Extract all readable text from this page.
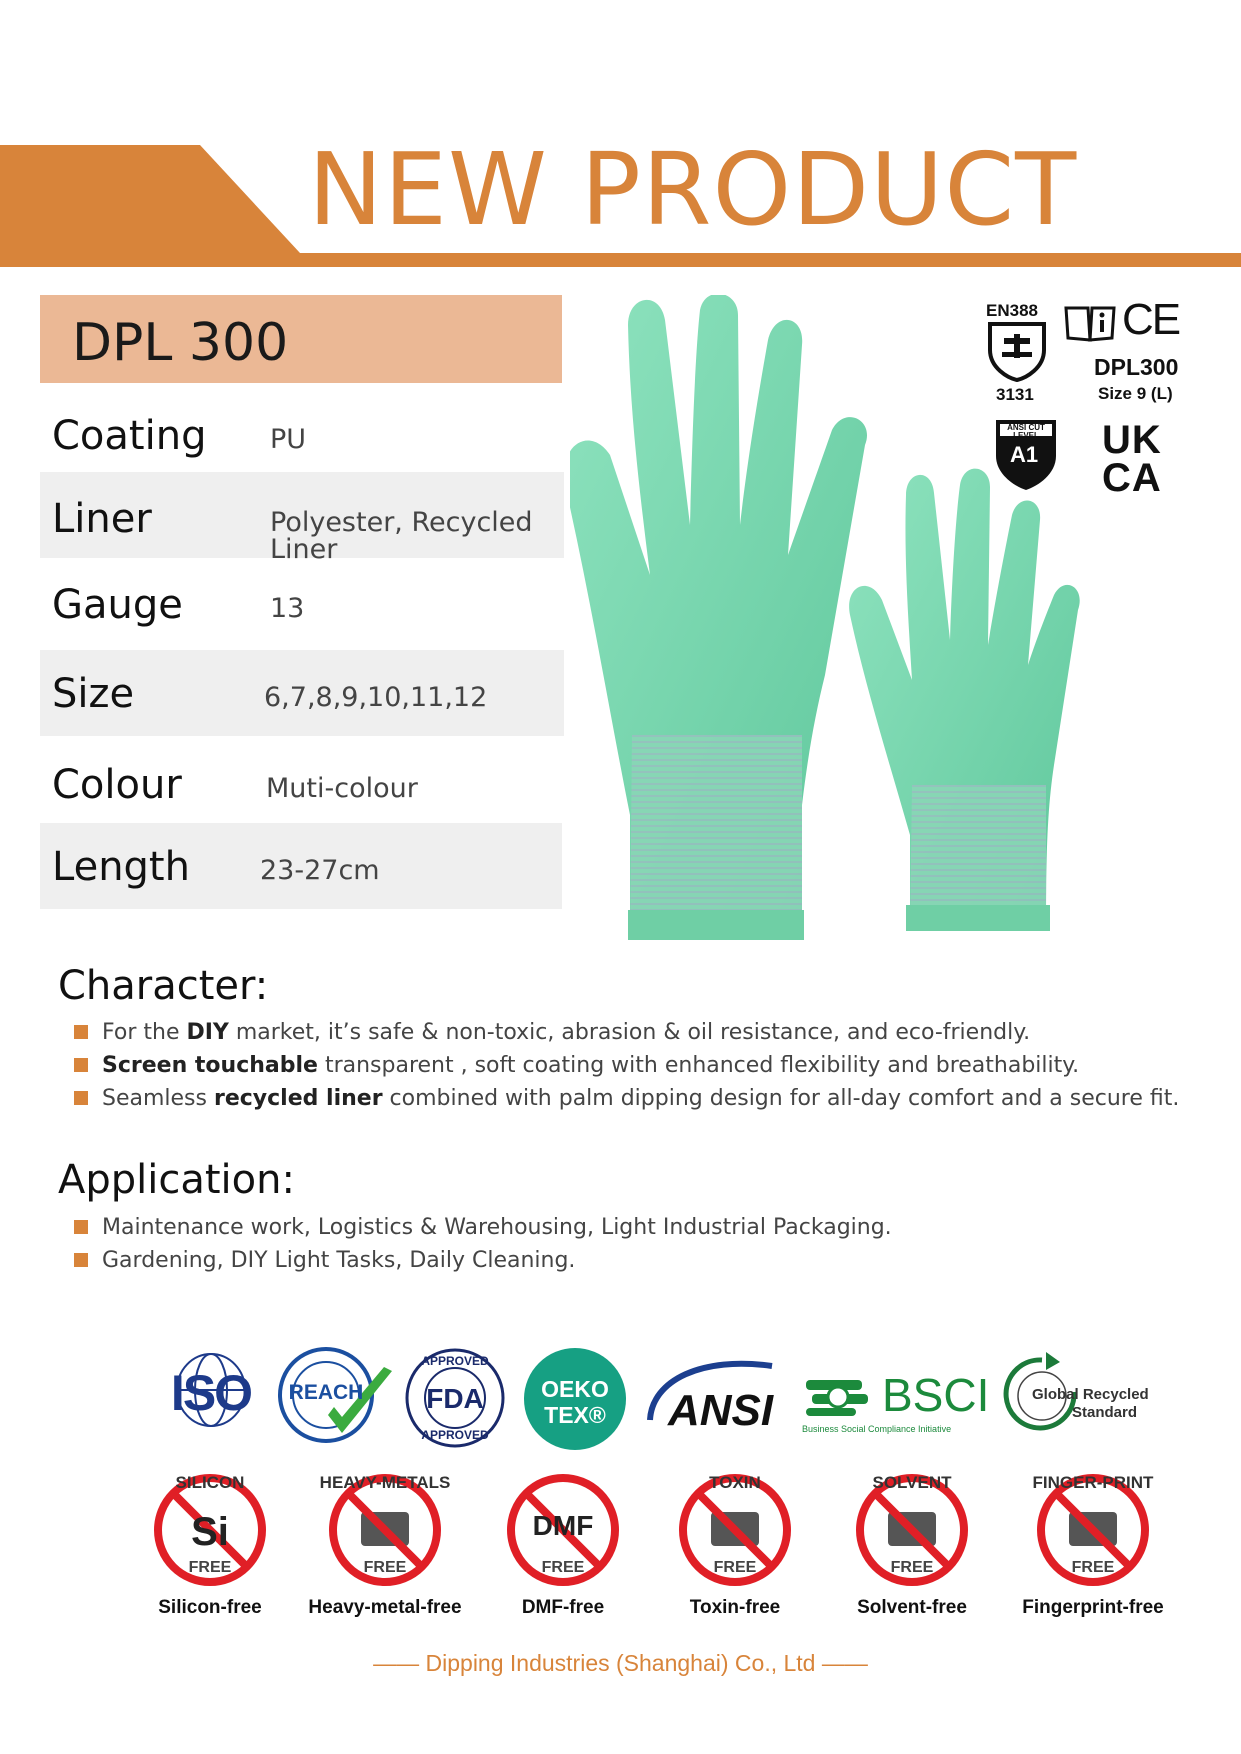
NEW PRODUCT
DPL 300
Coating PU
Liner	Polyester, Recycled Liner
Gauge	13
Size	6,7,8,9,10,11,12
Colour	Muti-colour
Length	23-27cm
EN388
3131
CE
DPL300
Size 9 (L)
ANSI CUT LEVEL
A1 UK
CA
Character:
For the DIY market, it’s safe & non-toxic, abrasion & oil resistance, and eco-friendly.
Screen touchable transparent , soft coating with enhanced flexibility and breathability.
Seamless recycled liner combined with palm dipping design for all-day comfort and a secure fit.
Application:
Maintenance work, Logistics & Warehousing, Light Industrial Packaging.
Gardening, DIY Light Tasks, Daily Cleaning.
ISO	REACH
APPROVED
FDA
APPROVED
OEKO
TEX®	ANSI BSCI
Business Social Compliance Initiative
Global Recycled
Standard
SILICON
Si
FREE
Silicon-free
HEAVY-METALS
FREE
Heavy-metal-free
DMF
FREE
DMF-free
TOXIN
FREE
Toxin-free
SOLVENT
FREE
Solvent-free
FINGER-PRINT
FREE
Fingerprint-free
—— Dipping Industries (Shanghai) Co., Ltd ——
